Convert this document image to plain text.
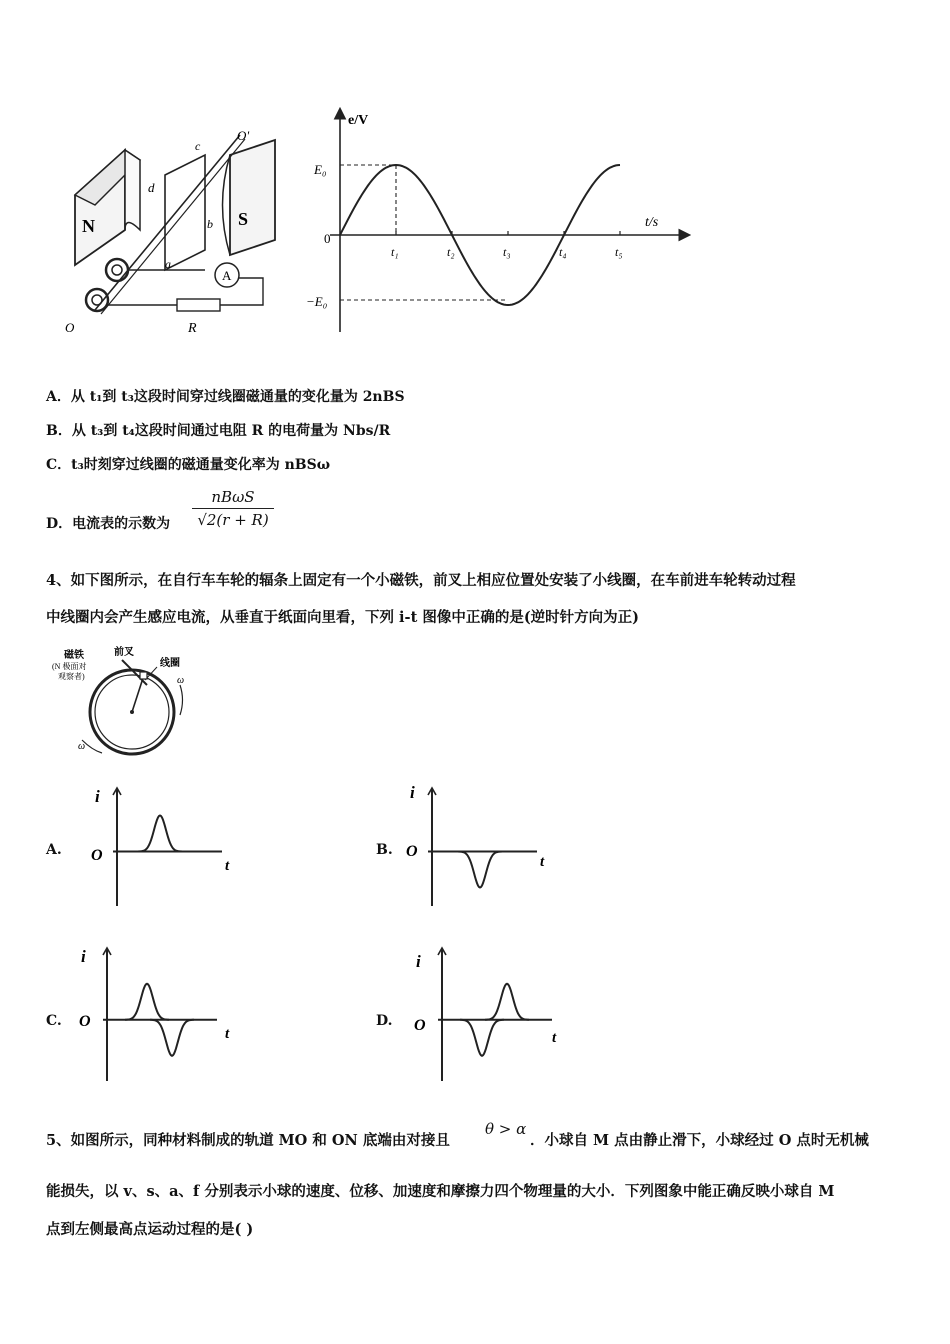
N	S
c
d
b
a
O'
O
A
R
e/V
t/s
E₀
−E₀
0
t₁	t₂	t₃	t₄	t₅
A．从 t₁到 t₃这段时间穿过线圈磁通量的变化量为 2nBS
B．从 t₃到 t₄这段时间通过电阻 R 的电荷量为 Nbs/R
C．t₃时刻穿过线圈的磁通量变化率为 nBSω
D．电流表的示数为
nBωS
√2(r + R)
4、如下图所示，在自行车车轮的辐条上固定有一个小磁铁，前叉上相应位置处安装了小线圈，在车前进车轮转动过程
中线圈内会产生感应电流，从垂直于纸面向里看，下列 i-t 图像中正确的是(逆时针方向为正)
磁铁
(N 极面对
观察者)
前叉
线圈
ω
ω
A.
i
t
O	B.
i
t
O
C.
i
t
O	D.
i
t
O
5、如图所示，同种材料制成的轨道 MO 和 ON 底端由对接且
θ > α
．小球自 M 点由静止滑下，小球经过 O 点时无机械
能损失，以 v、s、a、f 分别表示小球的速度、位移、加速度和摩擦力四个物理量的大小．下列图象中能正确反映小球自 M
点到左侧最高点运动过程的是( )
